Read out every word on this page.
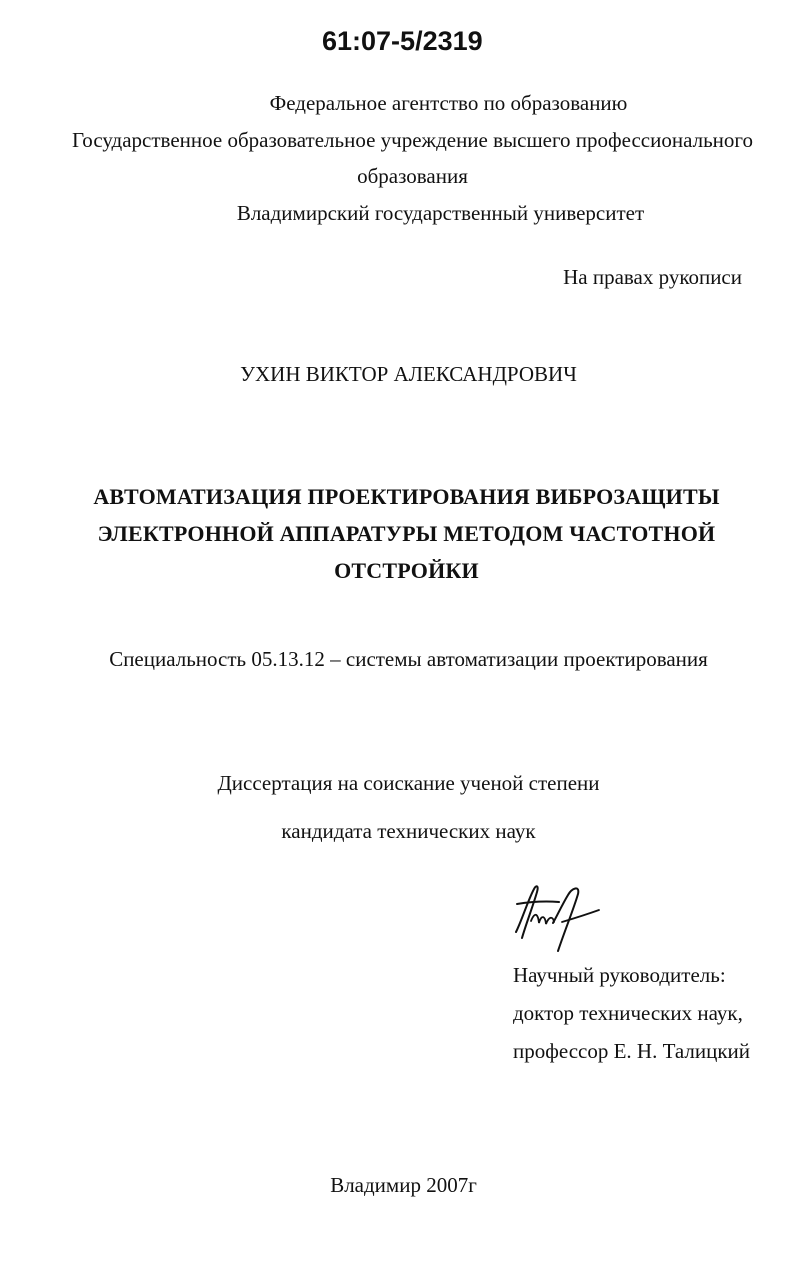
61:07-5/2319
Федеральное агентство по образованию
Государственное образовательное учреждение высшего профессионального
образования
Владимирский государственный университет
На правах рукописи
УХИН ВИКТОР АЛЕКСАНДРОВИЧ
АВТОМАТИЗАЦИЯ ПРОЕКТИРОВАНИЯ ВИБРОЗАЩИТЫ
ЭЛЕКТРОННОЙ АППАРАТУРЫ МЕТОДОМ ЧАСТОТНОЙ
ОТСТРОЙКИ
Специальность 05.13.12 – системы автоматизации проектирования
Диссертация на соискание ученой степени
кандидата технических наук
Научный руководитель:
доктор технических наук,
профессор Е. Н. Талицкий
Владимир 2007г
